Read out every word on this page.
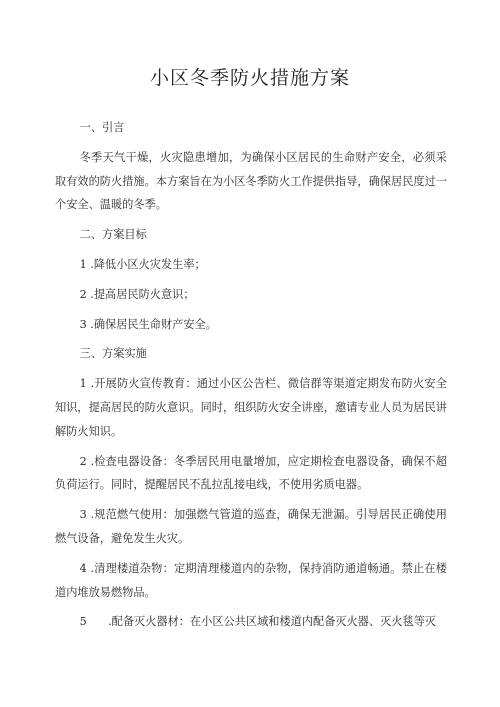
小区冬季防火措施方案
一、引言
冬季天气干燥，火灾隐患增加，为确保小区居民的生命财产安全，必须采取有效的防火措施。本方案旨在为小区冬季防火工作提供指导，确保居民度过一个安全、温暖的冬季。
二、方案目标
1 .降低小区火灾发生率；
2 .提高居民防火意识；
3 .确保居民生命财产安全。
三、方案实施
1 .开展防火宣传教育：通过小区公告栏、微信群等渠道定期发布防火安全知识，提高居民的防火意识。同时，组织防火安全讲座，邀请专业人员为居民讲解防火知识。
2 .检查电器设备：冬季居民用电量增加，应定期检查电器设备，确保不超负荷运行。同时，提醒居民不乱拉乱接电线，不使用劣质电器。
3 .规范燃气使用：加强燃气管道的巡查，确保无泄漏。引导居民正确使用燃气设备，避免发生火灾。
4 .清理楼道杂物：定期清理楼道内的杂物，保持消防通道畅通。禁止在楼道内堆放易燃物品。
5      .配备灭火器材：在小区公共区域和楼道内配备灭火器、灭火毯等灭
